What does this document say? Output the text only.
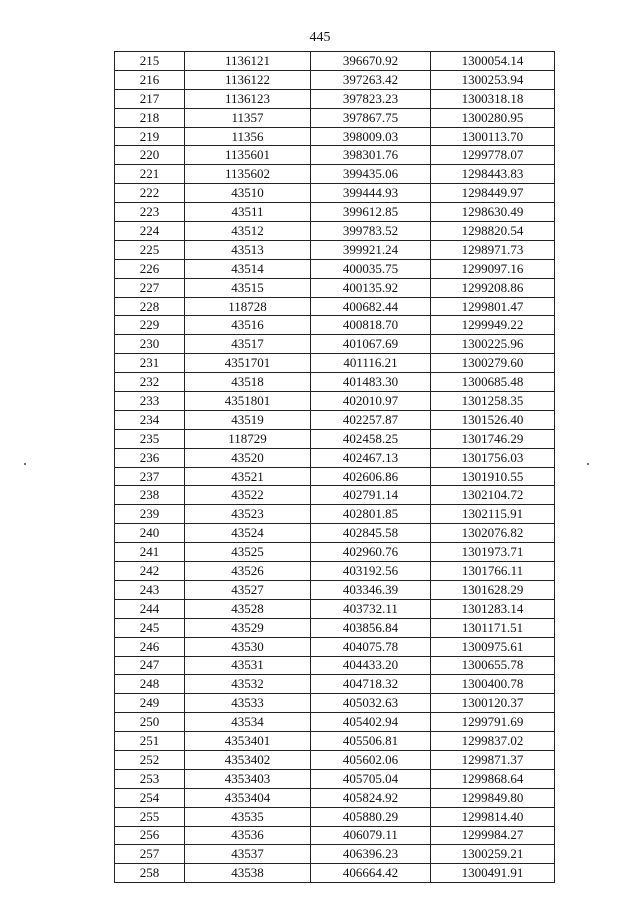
445
215	1136121	396670.92	1300054.14
216	1136122	397263.42	1300253.94
217	1136123	397823.23	1300318.18
218	11357	397867.75	1300280.95
219	11356	398009.03	1300113.70
220	1135601	398301.76	1299778.07
221	1135602	399435.06	1298443.83
222	43510	399444.93	1298449.97
223	43511	399612.85	1298630.49
224	43512	399783.52	1298820.54
225	43513	399921.24	1298971.73
226	43514	400035.75	1299097.16
227	43515	400135.92	1299208.86
228	118728	400682.44	1299801.47
229	43516	400818.70	1299949.22
230	43517	401067.69	1300225.96
231	4351701	401116.21	1300279.60
232	43518	401483.30	1300685.48
233	4351801	402010.97	1301258.35
234	43519	402257.87	1301526.40
235	118729	402458.25	1301746.29
236	43520	402467.13	1301756.03
237	43521	402606.86	1301910.55
238	43522	402791.14	1302104.72
239	43523	402801.85	1302115.91
240	43524	402845.58	1302076.82
241	43525	402960.76	1301973.71
242	43526	403192.56	1301766.11
243	43527	403346.39	1301628.29
244	43528	403732.11	1301283.14
245	43529	403856.84	1301171.51
246	43530	404075.78	1300975.61
247	43531	404433.20	1300655.78
248	43532	404718.32	1300400.78
249	43533	405032.63	1300120.37
250	43534	405402.94	1299791.69
251	4353401	405506.81	1299837.02
252	4353402	405602.06	1299871.37
253	4353403	405705.04	1299868.64
254	4353404	405824.92	1299849.80
255	43535	405880.29	1299814.40
256	43536	406079.11	1299984.27
257	43537	406396.23	1300259.21
258	43538	406664.42	1300491.91
